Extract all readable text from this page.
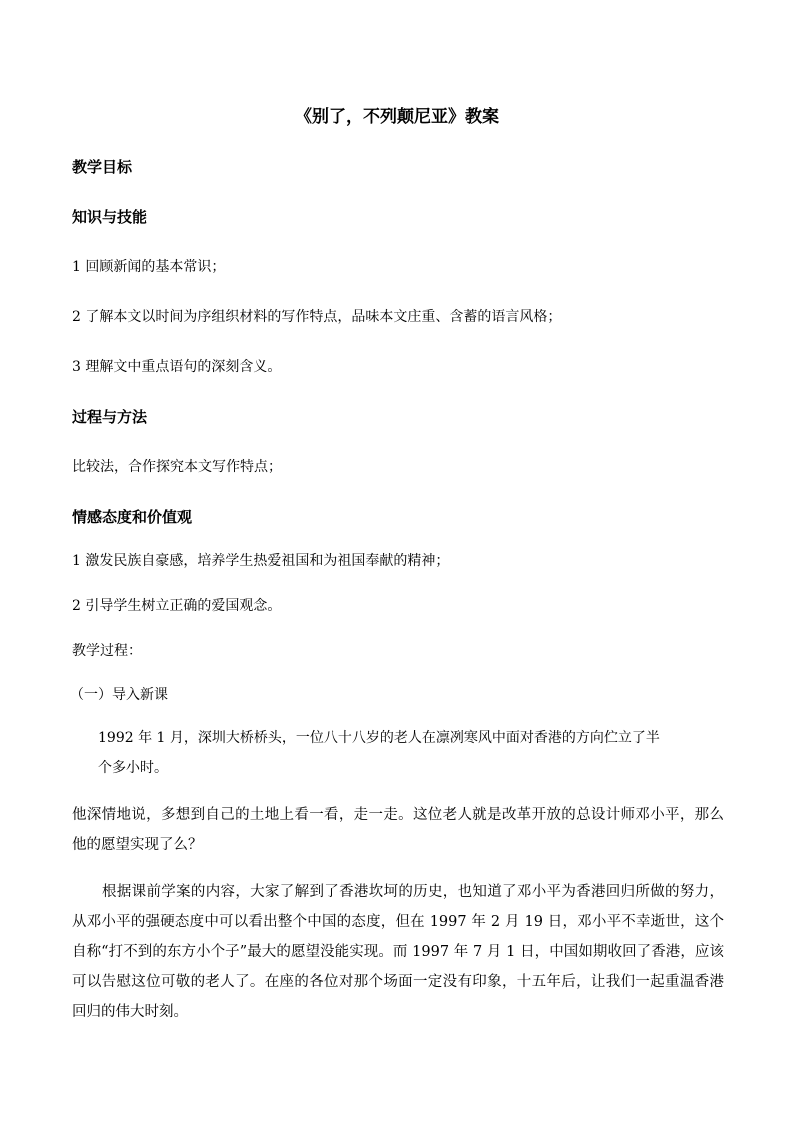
《别了，不列颠尼亚》教案
教学目标
知识与技能
1 回顾新闻的基本常识；
2 了解本文以时间为序组织材料的写作特点，品味本文庄重、含蓄的语言风格；
3 理解文中重点语句的深刻含义。
过程与方法
比较法，合作探究本文写作特点；
情感态度和价值观
1 激发民族自豪感，培养学生热爱祖国和为祖国奉献的精神；
2 引导学生树立正确的爱国观念。
教学过程：
（一）导入新课
1992 年 1 月，深圳大桥桥头，一位八十八岁的老人在凛冽寒风中面对香港的方向伫立了半
个多小时。
他深情地说，多想到自己的土地上看一看，走一走。这位老人就是改革开放的总设计师邓小平，那么他的愿望实现了么？
根据课前学案的内容，大家了解到了香港坎坷的历史，也知道了邓小平为香港回归所做的努力，从邓小平的强硬态度中可以看出整个中国的态度，但在 1997 年 2 月 19 日，邓小平不幸逝世，这个自称“打不到的东方小个子”最大的愿望没能实现。而 1997 年 7 月 1 日，中国如期收回了香港，应该可以告慰这位可敬的老人了。在座的各位对那个场面一定没有印象，十五年后，让我们一起重温香港回归的伟大时刻。
